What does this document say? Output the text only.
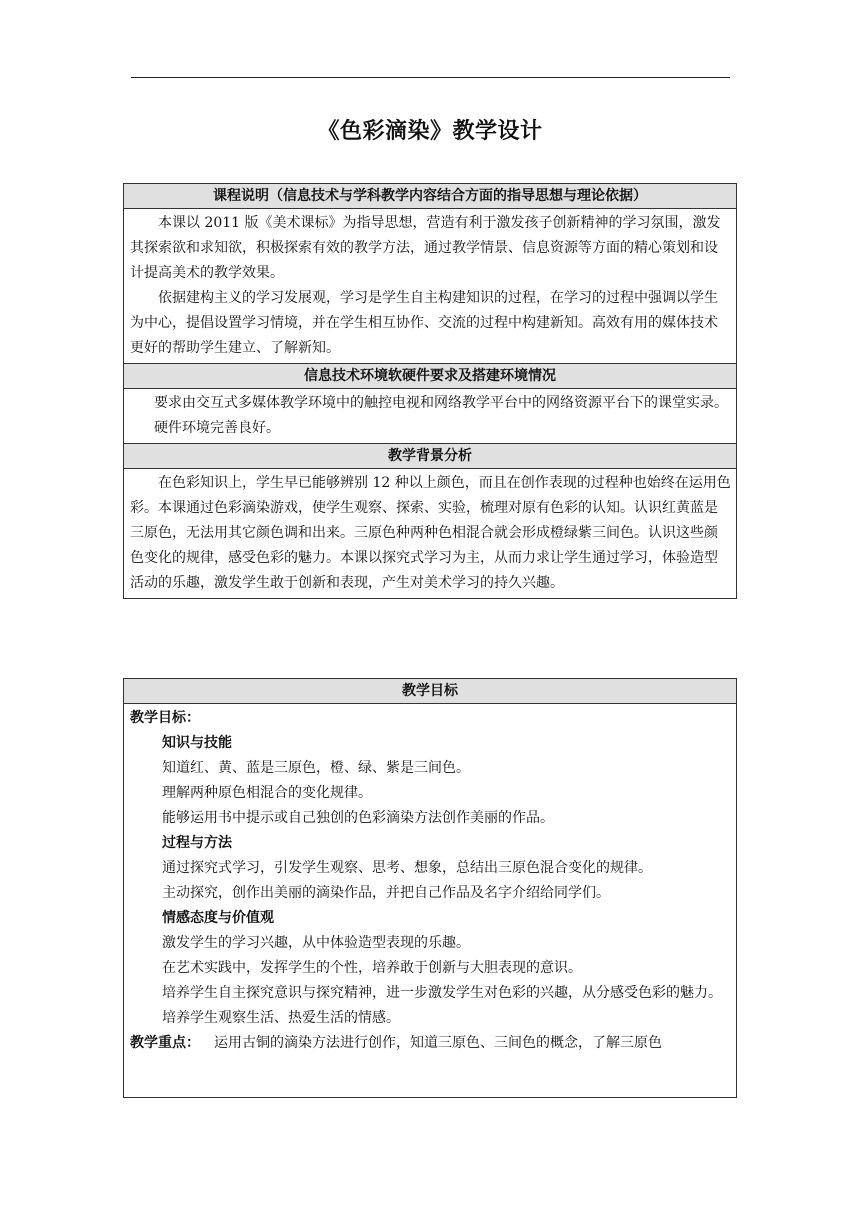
《色彩滴染》教学设计
课程说明（信息技术与学科教学内容结合方面的指导思想与理论依据）

本课以 2011 版《美术课标》为指导思想，营造有利于激发孩子创新精神的学习氛围，激发其探索欲和求知欲，积极探索有效的教学方法，通过教学情景、信息资源等方面的精心策划和设计提高美术的教学效果。

依据建构主义的学习发展观，学习是学生自主构建知识的过程，在学习的过程中强调以学生为中心，提倡设置学习情境，并在学生相互协作、交流的过程中构建新知。高效有用的媒体技术更好的帮助学生建立、了解新知。

信息技术环境软硬件要求及搭建环境情况

要求由交互式多媒体教学环境中的触控电视和网络教学平台中的网络资源平台下的课堂实录。

硬件环境完善良好。

教学背景分析

在色彩知识上，学生早已能够辨别 12 种以上颜色，而且在创作表现的过程种也始终在运用色彩。本课通过色彩滴染游戏，使学生观察、探索、实验，梳理对原有色彩的认知。认识红黄蓝是三原色，无法用其它颜色调和出来。三原色种两种色相混合就会形成橙绿紫三间色。认识这些颜色变化的规律，感受色彩的魅力。本课以探究式学习为主，从而力求让学生通过学习，体验造型活动的乐趣，激发学生敢于创新和表现，产生对美术学习的持久兴趣。

教学目标

教学目标：

知识与技能

知道红、黄、蓝是三原色，橙、绿、紫是三间色。

理解两种原色相混合的变化规律。

能够运用书中提示或自己独创的色彩滴染方法创作美丽的作品。

过程与方法

通过探究式学习，引发学生观察、思考、想象，总结出三原色混合变化的规律。

主动探究，创作出美丽的滴染作品，并把自己作品及名字介绍给同学们。

情感态度与价值观

激发学生的学习兴趣，从中体验造型表现的乐趣。

在艺术实践中，发挥学生的个性，培养敢于创新与大胆表现的意识。

培养学生自主探究意识与探究精神，进一步激发学生对色彩的兴趣，从分感受色彩的魅力。

培养学生观察生活、热爱生活的情感。

教学重点： 运用古铜的滴染方法进行创作，知道三原色、三间色的概念，了解三原色
